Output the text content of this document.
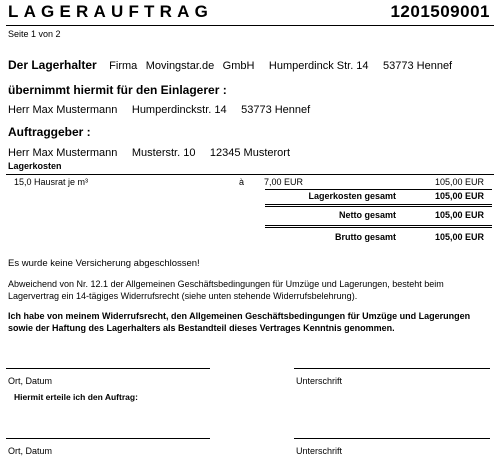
LAGERAUFTRAG	1201509001
Seite 1 von 2
Der Lagerhalter Firma Movingstar.de GmbH Humperdinck Str. 14 53773 Hennef
übernimmt hiermit für den Einlagerer :
Herr Max Mustermann Humperdinckstr. 14 53773 Hennef
Auftraggeber :
Herr Max Mustermann Musterstr. 10 12345 Musterort
Lagerkosten
15,0 Hausrat je m³	à 7,00 EUR	105,00 EUR
Lagerkosten gesamt	105,00 EUR
Netto gesamt	105,00 EUR
Brutto gesamt	105,00 EUR
Es wurde keine Versicherung abgeschlossen!
Abweichend von Nr. 12.1 der Allgemeinen Geschäftsbedingungen für Umzüge und Lagerungen, besteht beim Lagervertrag ein 14-tägiges Widerrufsrecht (siehe unten stehende Widerrufsbelehrung).
Ich habe von meinem Widerrufsrecht, den Allgemeinen Geschäftsbedingungen für Umzüge und Lagerungen sowie der Haftung des Lagerhalters als Bestandteil dieses Vertrages Kenntnis genommen.
Ort, Datum	Unterschrift
Hiermit erteile ich den Auftrag:
Ort, Datum	Unterschrift
